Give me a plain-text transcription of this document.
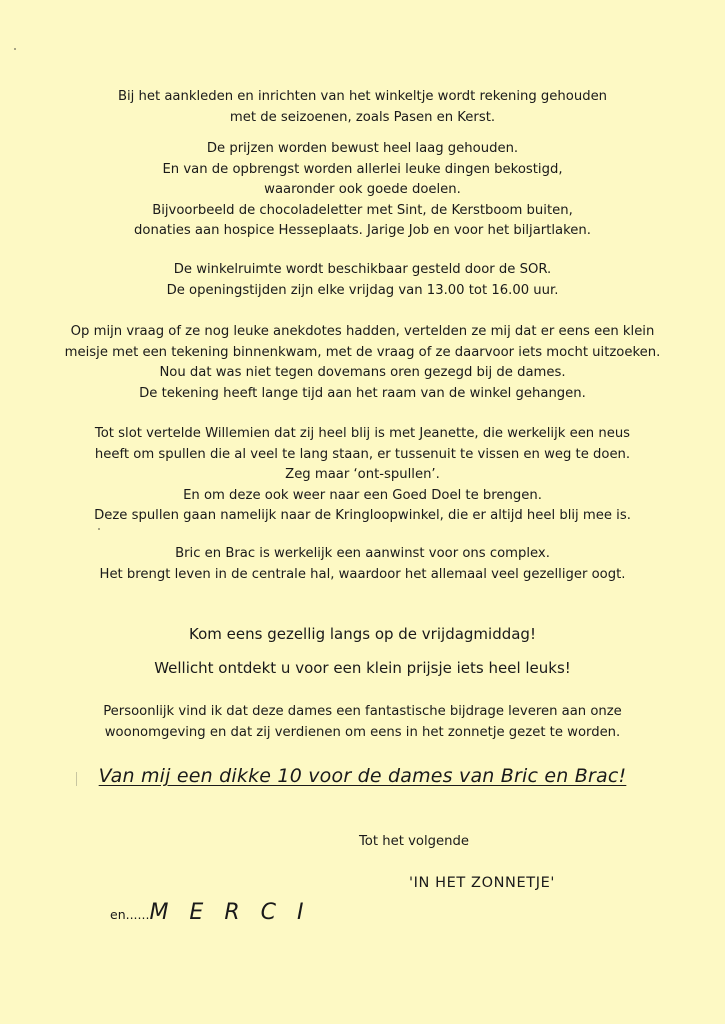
Bij het aankleden en inrichten van het winkeltje wordt rekening gehouden
met de seizoenen, zoals Pasen en Kerst.
De prijzen worden bewust heel laag gehouden.
En van de opbrengst worden allerlei leuke dingen bekostigd,
waaronder ook goede doelen.
Bijvoorbeeld de chocoladeletter met Sint, de Kerstboom buiten,
donaties aan hospice Hesseplaats. Jarige Job en voor het biljartlaken.
De winkelruimte wordt beschikbaar gesteld door de SOR.
De openingstijden zijn elke vrijdag van 13.00 tot 16.00 uur.
Op mijn vraag of ze nog leuke anekdotes hadden, vertelden ze mij dat er eens een klein
meisje met een tekening binnenkwam, met de vraag of ze daarvoor iets mocht uitzoeken.
Nou dat was niet tegen dovemans oren gezegd bij de dames.
De tekening heeft lange tijd aan het raam van de winkel gehangen.
Tot slot vertelde Willemien dat zij heel blij is met Jeanette, die werkelijk een neus
heeft om spullen die al veel te lang staan, er tussenuit te vissen en weg te doen.
Zeg maar ‘ont-spullen’.
En om deze ook weer naar een Goed Doel te brengen.
Deze spullen gaan namelijk naar de Kringloopwinkel, die er altijd heel blij mee is.
Bric en Brac is werkelijk een aanwinst voor ons complex.
Het brengt leven in de centrale hal, waardoor het allemaal veel gezelliger oogt.
Kom eens gezellig langs op de vrijdagmiddag!
Wellicht ontdekt u voor een klein prijsje iets heel leuks!
Persoonlijk vind ik dat deze dames een fantastische bijdrage leveren aan onze
woonomgeving en dat zij verdienen om eens in het zonnetje gezet te worden.
Van mij een dikke 10 voor de dames van Bric en Brac!
Tot het volgende
'IN HET ZONNETJE'
en......M E R C I
